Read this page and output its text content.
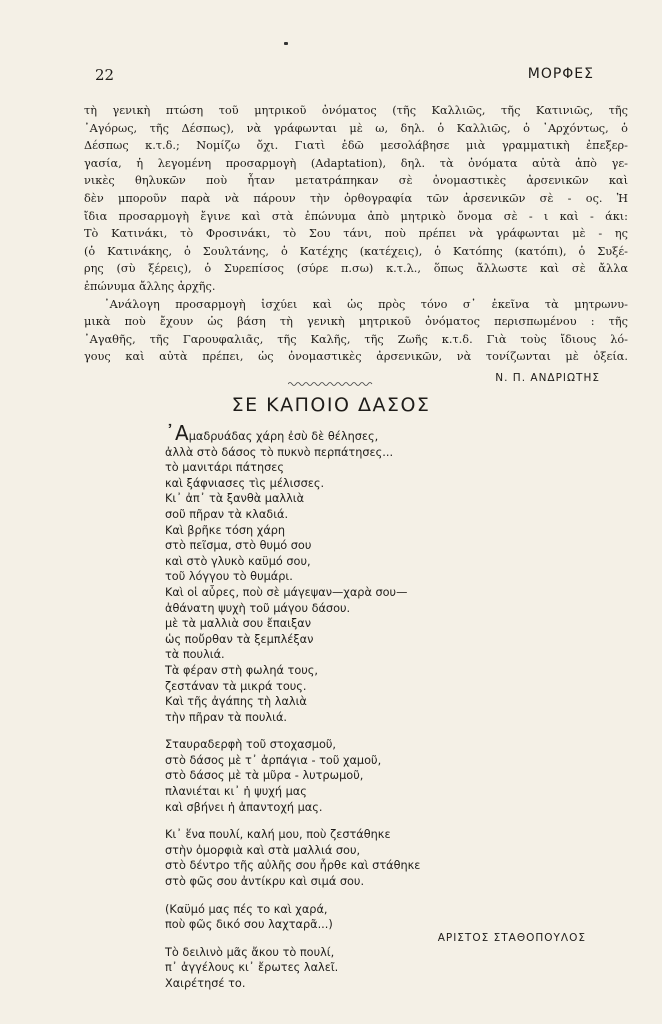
22	ΜΟΡΦΕΣ

τὴ γενικὴ πτώση τοῦ μητρικοῦ ὀνόματος (τῆς Καλλιῶς, τῆς Κατινιῶς, τῆς
᾿Αγόρως, τῆς Δέσπως), νὰ γράφωνται μὲ ω, δηλ. ὁ Καλλιῶς, ὁ ᾿Αρχόντως, ὁ
Δέσπως κ.τ.δ.; Νομίζω ὄχι. Γιατὶ ἐδῶ μεσολάβησε μιὰ γραμματικὴ ἐπεξερ-
γασία, ἡ λεγομένη προσαρμογὴ (Adaptation), δηλ. τὰ ὀνόματα αὐτὰ ἀπὸ γε-
νικὲς θηλυκῶν ποὺ ἦταν μετατράπηκαν σὲ ὀνομαστικὲς ἀρσενικῶν καὶ
δὲν μποροῦν παρὰ νὰ πάρουν τὴν ὀρθογραφία τῶν ἀρσενικῶν σὲ - ος. Ἡ
ἴδια προσαρμογὴ ἔγινε καὶ στὰ ἐπώνυμα ἀπὸ μητρικὸ ὄνομα σὲ - ι καὶ - άκι:
Τὸ Κατινάκι, τὸ Φροσινάκι, τὸ Σου τάνι, ποὺ πρέπει νὰ γράφωνται μὲ - ης
(ὁ Κατινάκης, ὁ Σουλτάνης, ὁ Κατέχης (κατέχεις), ὁ Κατόπης (κατόπι), ὁ Συξέ-
ρης (σὺ ξέρεις), ὁ Συρεπίσος (σύρε π.σω) κ.τ.λ., ὅπως ἄλλωστε καὶ σὲ ἄλλα
ἐπώνυμα ἄλλης ἀρχῆς.

᾿Ανάλογη προσαρμογὴ ἰσχύει καὶ ὡς πρὸς τόνο σ᾿ ἐκεῖνα τὰ μητρωνυ-
μικὰ ποὺ ἔχουν ὡς βάση τὴ γενικὴ μητρικοῦ ὀνόματος περισπωμένου : τῆς
᾿Αγαθῆς, τῆς Γαρουφαλιᾶς, τῆς Καλῆς, τῆς Ζωῆς κ.τ.δ. Γιὰ τοὺς ἴδιους λό-
γους καὶ αὐτὰ πρέπει, ὡς ὀνομαστικὲς ἀρσενικῶν, νὰ τονίζωνται μὲ ὀξεία.

Ν. Π. ΑΝΔΡΙΩΤΗΣ
ΣΕ ΚΑΠΟΙΟ ΔΑΣΟΣ
᾿Αμαδρυάδας χάρη ἐσὺ δὲ θέλησες,
ἀλλὰ στὸ δάσος τὸ πυκνὸ περπάτησες...
τὸ μανιτάρι πάτησες
καὶ ξάφνιασες τὶς μέλισσες.
Κι᾿ ἀπ᾿ τὰ ξανθὰ μαλλιὰ
σοῦ πῆραν τὰ κλαδιά.
Καὶ βρῆκε τόση χάρη
στὸ πεῖσμα, στὸ θυμό σου
καὶ στὸ γλυκὸ καϋμό σου,
τοῦ λόγγου τὸ θυμάρι.
Καὶ οἱ αὖρες, ποὺ σὲ μάγεψαν—χαρὰ σου—
ἀθάνατη ψυχὴ τοῦ μάγου δάσου.
μὲ τὰ μαλλιὰ σου ἔπαιξαν
ὡς ποὔρθαν τὰ ξεμπλέξαν
τὰ πουλιά.
Τὰ φέραν στὴ φωληά τους,
ζεστάναν τὰ μικρά τους.
Καὶ τῆς ἀγάπης τὴ λαλιὰ
τὴν πῆραν τὰ πουλιά.
Σταυραδερφὴ τοῦ στοχασμοῦ,
στὸ δάσος μὲ τ᾿ ἀρπάγια - τοῦ χαμοῦ,
στὸ δάσος μὲ τὰ μῦρα - λυτρωμοῦ,
πλανιέται κι᾿ ἡ ψυχή μας
καὶ σβήνει ἡ ἀπαντοχή μας.
Κι᾿ ἕνα πουλί, καλή μου, ποὺ ζεστάθηκε
στὴν ὀμορφιὰ καὶ στὰ μαλλιά σου,
στὸ δέντρο τῆς αὐλῆς σου ἦρθε καὶ στάθηκε
στὸ φῶς σου ἀντίκρυ καὶ σιμά σου.
(Καϋμό μας πές το καὶ χαρά,
ποὺ φῶς δικό σου λαχταρᾶ...)
Τὸ δειλινὸ μᾶς ἄκου τὸ πουλί,
π᾿ ἀγγέλους κι᾿ ἔρωτες λαλεῖ.
Χαιρέτησέ το.
ΑΡΙΣΤΟΣ ΣΤΑΘΟΠΟΥΛΟΣ
